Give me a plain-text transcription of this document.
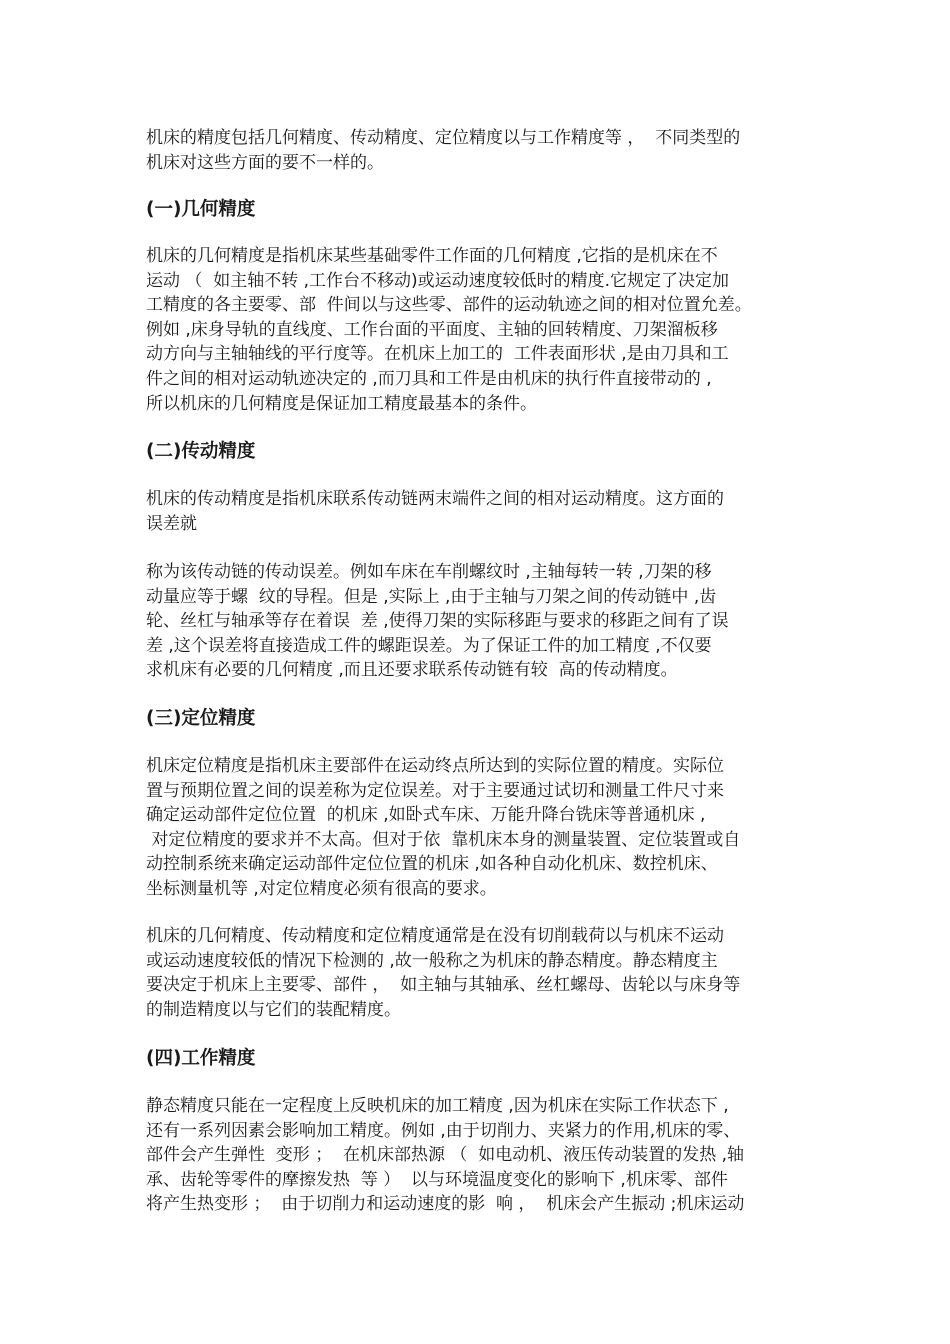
机床的精度包括几何精度、传动精度、定位精度以与工作精度等 ，  不同类型的
机床对这些方面的要不一样的。

(一)几何精度

机床的几何精度是指机床某些基础零件工作面的几何精度 ,它指的是机床在不
运动 （  如主轴不转 ,工作台不移动)或运动速度较低时的精度.它规定了决定加
工精度的各主要零、部  件间以与这些零、部件的运动轨迹之间的相对位置允差。
例如 ,床身导轨的直线度、工作台面的平面度、主轴的回转精度、刀架溜板移
动方向与主轴轴线的平行度等。在机床上加工的  工件表面形状 ,是由刀具和工
件之间的相对运动轨迹决定的 ,而刀具和工件是由机床的执行件直接带动的 ,
所以机床的几何精度是保证加工精度最基本的条件。

(二)传动精度

机床的传动精度是指机床联系传动链两末端件之间的相对运动精度。这方面的
误差就

称为该传动链的传动误差。例如车床在车削螺纹时 ,主轴每转一转 ,刀架的移
动量应等于螺  纹的导程。但是 ,实际上 ,由于主轴与刀架之间的传动链中 ,齿
轮、丝杠与轴承等存在着误  差 ,使得刀架的实际移距与要求的移距之间有了误
差 ,这个误差将直接造成工件的螺距误差。为了保证工件的加工精度 ,不仅要
求机床有必要的几何精度 ,而且还要求联系传动链有较  高的传动精度。

(三)定位精度

机床定位精度是指机床主要部件在运动终点所达到的实际位置的精度。实际位
置与预期位置之间的误差称为定位误差。对于主要通过试切和测量工件尺寸来
确定运动部件定位位置  的机床 ,如卧式车床、万能升降台铣床等普通机床 ,
对定位精度的要求并不太高。但对于依  靠机床本身的测量装置、定位装置或自
动控制系统来确定运动部件定位位置的机床 ,如各种自动化机床、数控机床、
坐标测量机等 ,对定位精度必须有很高的要求。

机床的几何精度、传动精度和定位精度通常是在没有切削载荷以与机床不运动
或运动速度较低的情况下检测的 ,故一般称之为机床的静态精度。静态精度主
要决定于机床上主要零、部件 ，  如主轴与其轴承、丝杠螺母、齿轮以与床身等
的制造精度以与它们的装配精度。

(四)工作精度

静态精度只能在一定程度上反映机床的加工精度 ,因为机床在实际工作状态下 ,
还有一系列因素会影响加工精度。例如 ,由于切削力、夹紧力的作用,机床的零、
部件会产生弹性  变形 ；  在机床部热源 （  如电动机、液压传动装置的发热 ,轴
承、齿轮等零件的摩擦发热  等 ）  以与环境温度变化的影响下 ,机床零、部件
将产生热变形 ；  由于切削力和运动速度的影  响 ，  机床会产生振动 ;机床运动
